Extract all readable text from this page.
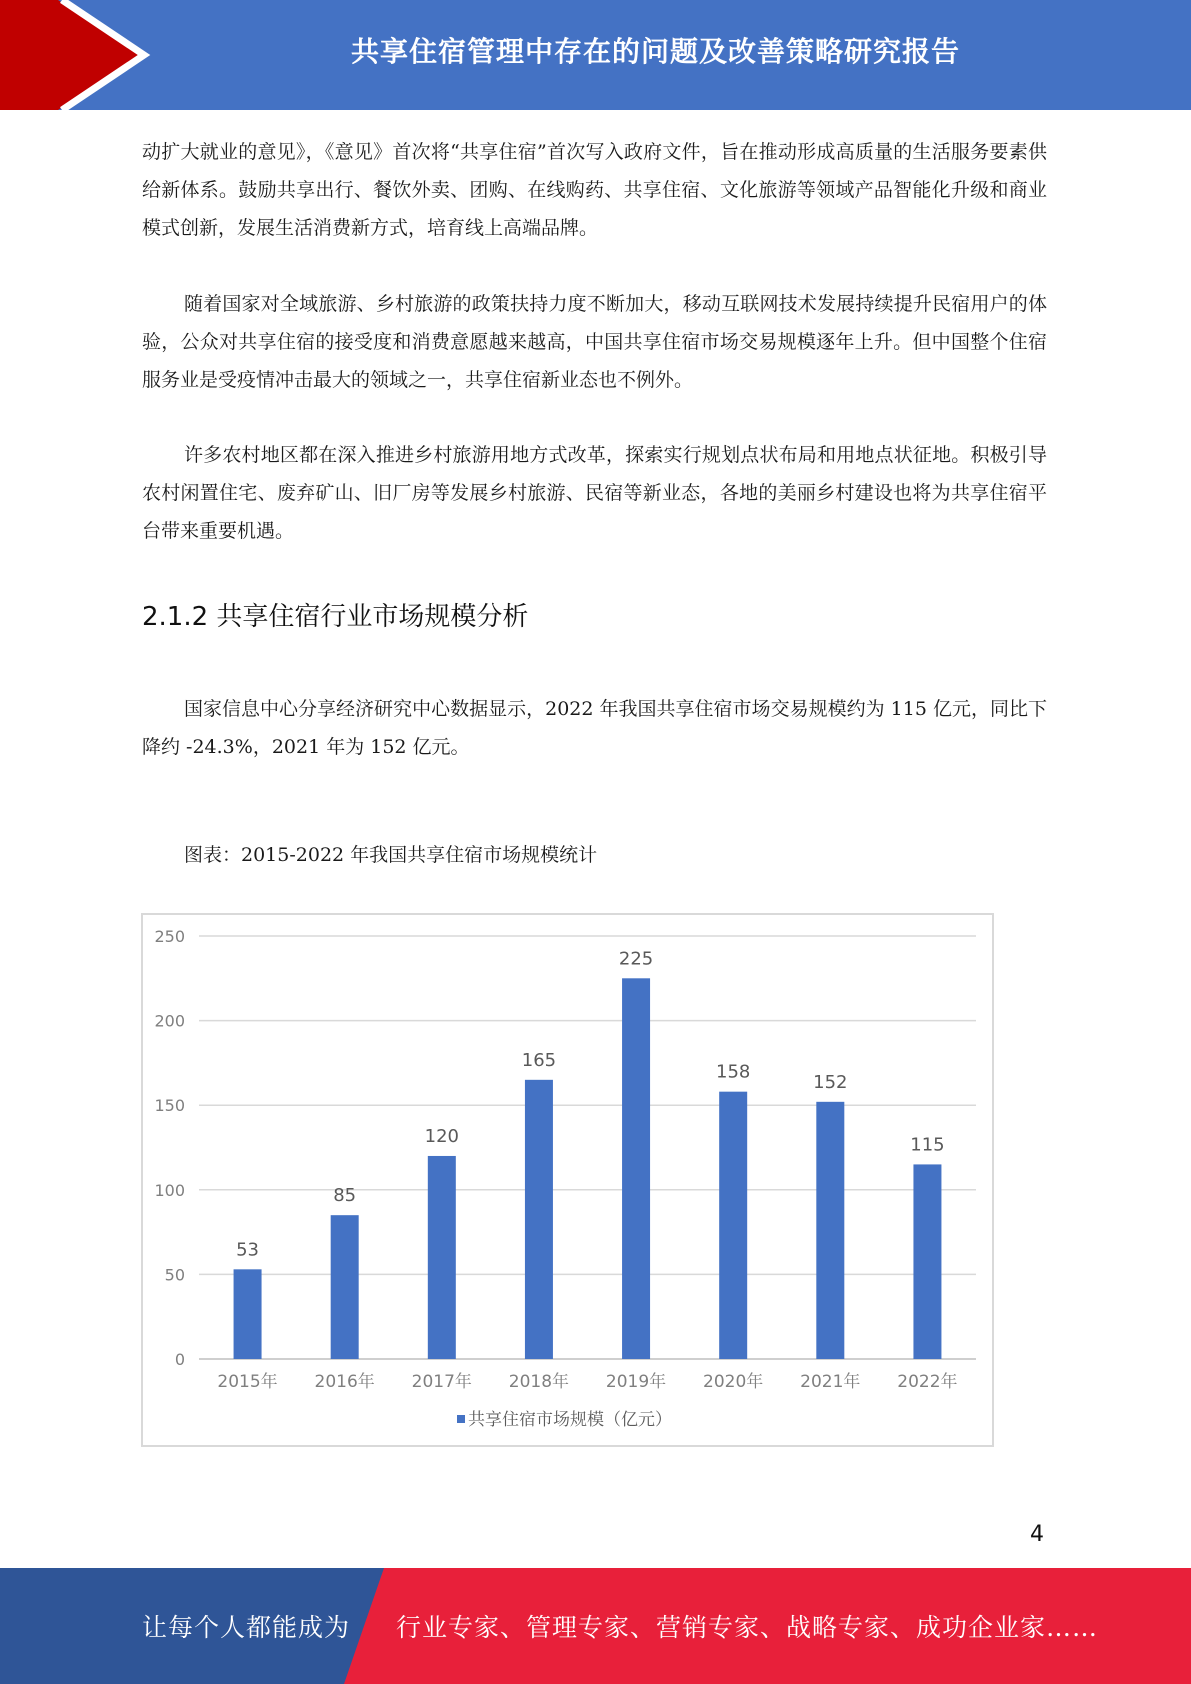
共享住宿管理中存在的问题及改善策略研究报告

动扩大就业的意见》，《意见》首次将“共享住宿”首次写入政府文件，旨在推动形成高质量的生活服务要素供给新体系。鼓励共享出行、餐饮外卖、团购、在线购药、共享住宿、文化旅游等领域产品智能化升级和商业模式创新，发展生活消费新方式，培育线上高端品牌。

随着国家对全域旅游、乡村旅游的政策扶持力度不断加大，移动互联网技术发展持续提升民宿用户的体验，公众对共享住宿的接受度和消费意愿越来越高，中国共享住宿市场交易规模逐年上升。但中国整个住宿服务业是受疫情冲击最大的领域之一，共享住宿新业态也不例外。

许多农村地区都在深入推进乡村旅游用地方式改革，探索实行规划点状布局和用地点状征地。积极引导农村闲置住宅、废弃矿山、旧厂房等发展乡村旅游、民宿等新业态，各地的美丽乡村建设也将为共享住宿平台带来重要机遇。

2.1.2 共享住宿行业市场规模分析

国家信息中心分享经济研究中心数据显示，2022 年我国共享住宿市场交易规模约为 115 亿元，同比下降约 -24.3%，2021 年为 152 亿元。

图表：2015-2022 年我国共享住宿市场规模统计

0
50
100
150
200
250
53
2015年
85
2016年
120
2017年
165
2018年
225
2019年
158
2020年
152
2021年
115
2022年
共享住宿市场规模（亿元）
4
让每个人都能成为 行业专家、管理专家、营销专家、战略专家、成功企业家……
